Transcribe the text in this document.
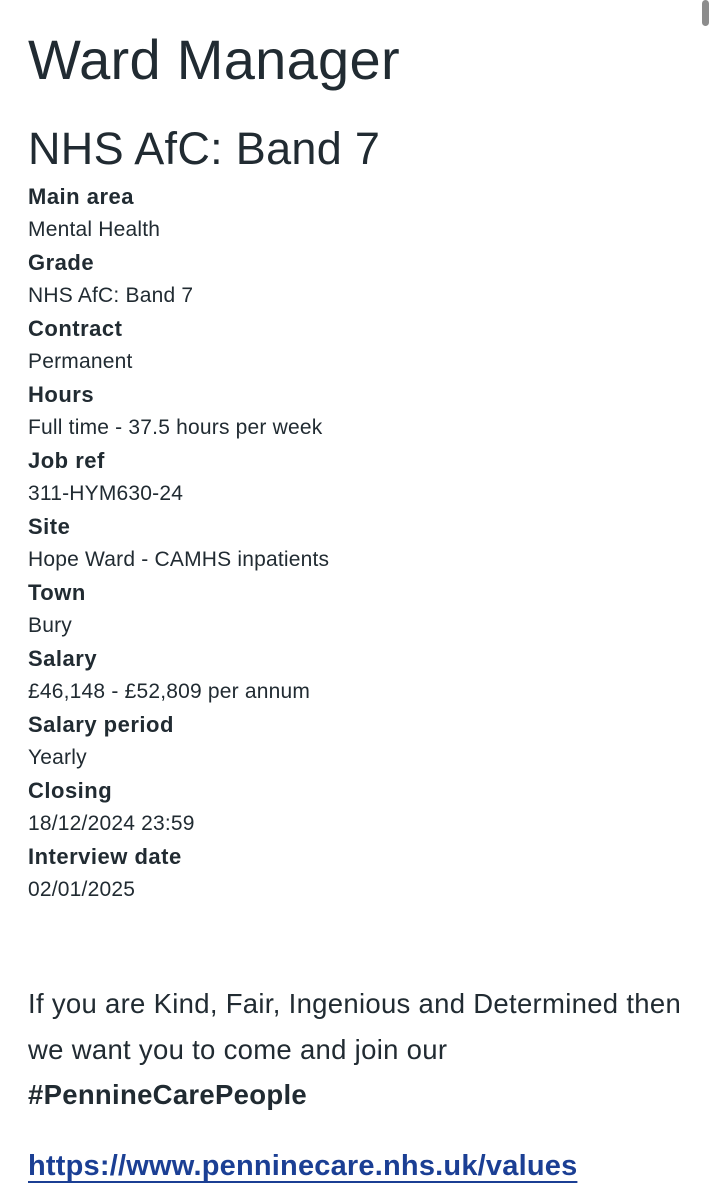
Ward Manager
NHS AfC: Band 7
Main area
Mental Health
Grade
NHS AfC: Band 7
Contract
Permanent
Hours
Full time - 37.5 hours per week
Job ref
311-HYM630-24
Site
Hope Ward - CAMHS inpatients
Town
Bury
Salary
£46,148 - £52,809 per annum
Salary period
Yearly
Closing
18/12/2024 23:59
Interview date
02/01/2025

If you are Kind, Fair, Ingenious and Determined then we want you to come and join our #PennineCarePeople

https://www.penninecare.nhs.uk/values
